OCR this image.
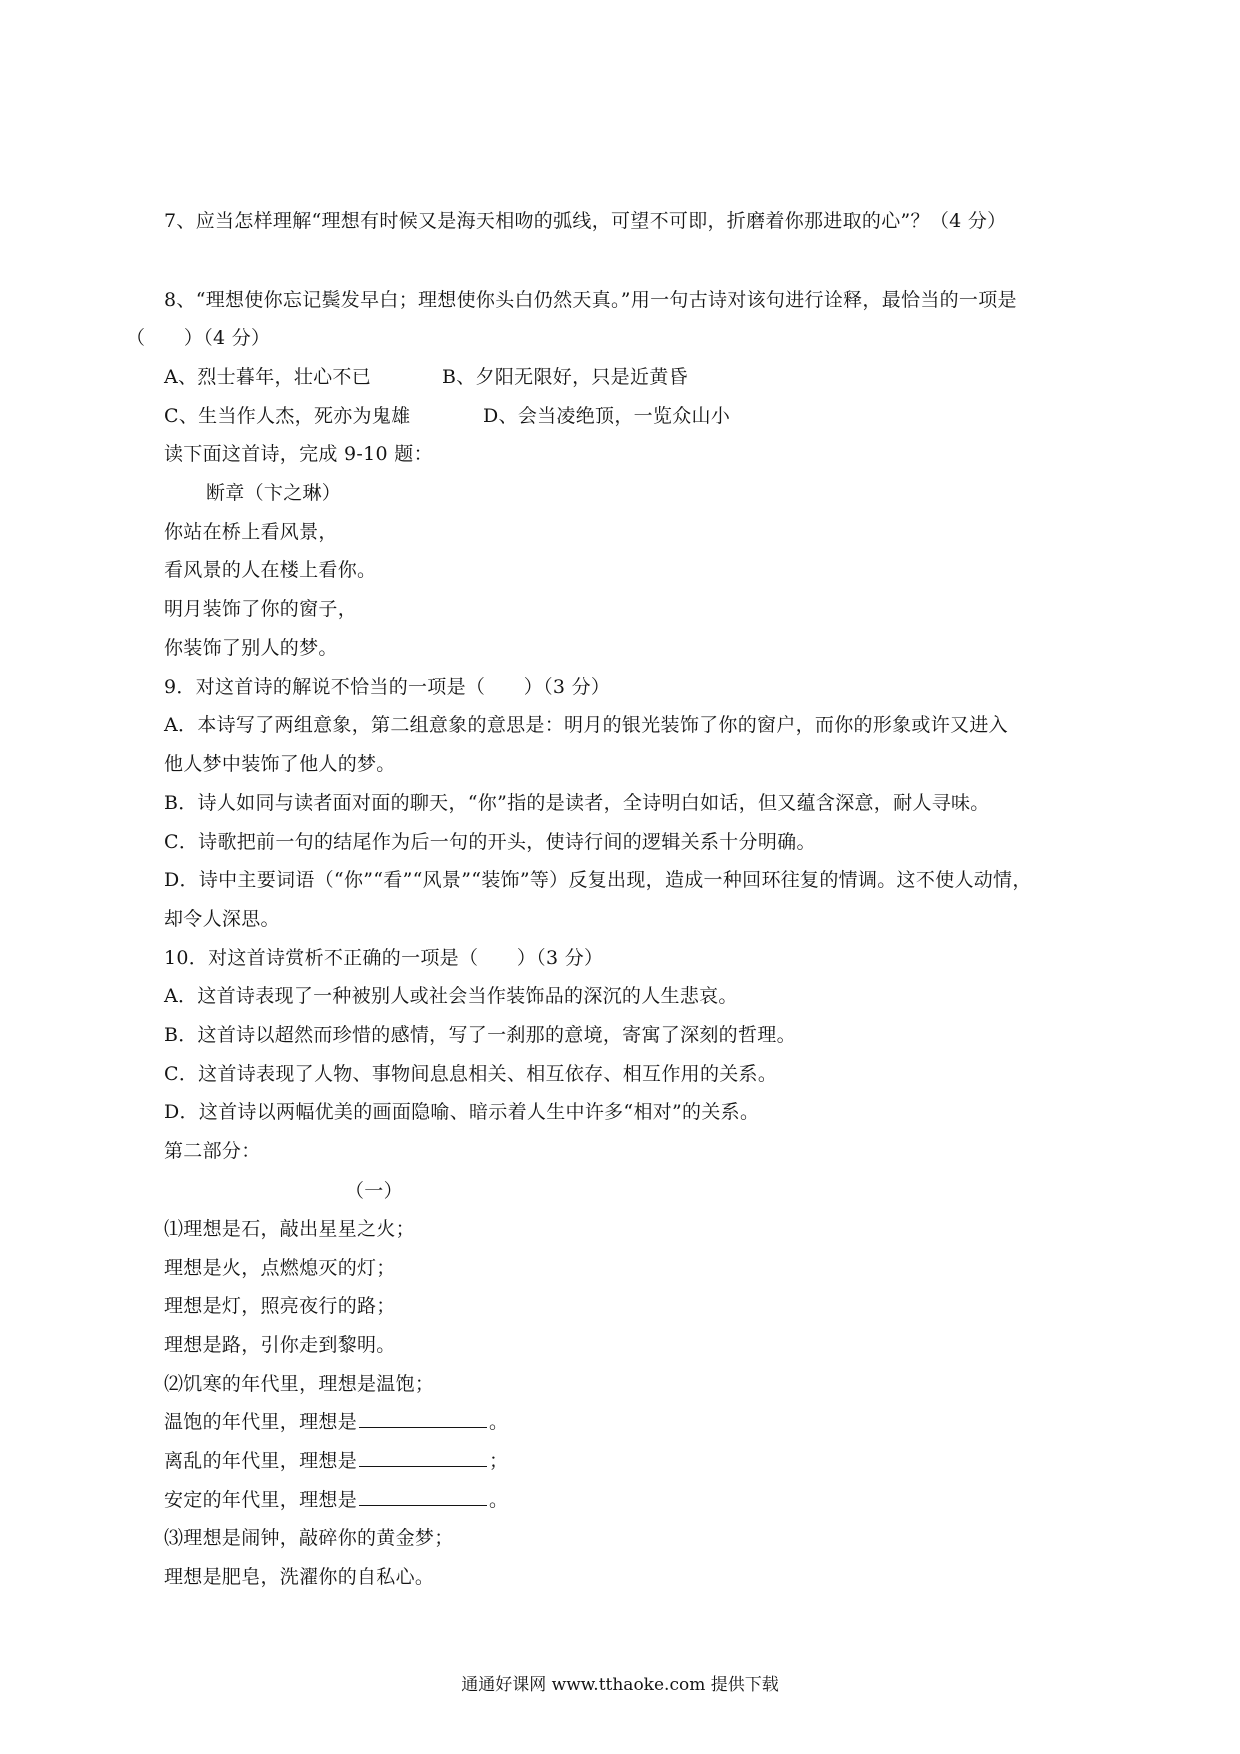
7、应当怎样理解“理想有时候又是海天相吻的弧线，可望不可即，折磨着你那进取的心”？（4 分）
8、“理想使你忘记鬓发早白；理想使你头白仍然天真。”用一句古诗对该句进行诠释，最恰当的一项是
（　　）（4 分）
A、烈士暮年，壮心不已	B、夕阳无限好，只是近黄昏
C、生当作人杰，死亦为鬼雄	D、会当凌绝顶，一览众山小
读下面这首诗，完成 9-10 题：
断章（卞之琳）
你站在桥上看风景，
看风景的人在楼上看你。
明月装饰了你的窗子，
你装饰了别人的梦。
9．对这首诗的解说不恰当的一项是（　　）（3 分）
A．本诗写了两组意象，第二组意象的意思是：明月的银光装饰了你的窗户，而你的形象或许又进入
他人梦中装饰了他人的梦。
B．诗人如同与读者面对面的聊天，“你”指的是读者，全诗明白如话，但又蕴含深意，耐人寻味。
C．诗歌把前一句的结尾作为后一句的开头，使诗行间的逻辑关系十分明确。
D．诗中主要词语（“你”“看”“风景”“装饰”等）反复出现，造成一种回环往复的情调。这不使人动情，
却令人深思。
10．对这首诗赏析不正确的一项是（　　）（3 分）
A．这首诗表现了一种被别人或社会当作装饰品的深沉的人生悲哀。
B．这首诗以超然而珍惜的感情，写了一刹那的意境，寄寓了深刻的哲理。
C．这首诗表现了人物、事物间息息相关、相互依存、相互作用的关系。
D．这首诗以两幅优美的画面隐喻、暗示着人生中许多“相对”的关系。
第二部分：
（一）
⑴理想是石，敲出星星之火；
理想是火，点燃熄灭的灯；
理想是灯，照亮夜行的路；
理想是路，引你走到黎明。
⑵饥寒的年代里，理想是温饱；
温饱的年代里，理想是	。
离乱的年代里，理想是	；
安定的年代里，理想是	。
⑶理想是闹钟，敲碎你的黄金梦；
理想是肥皂，洗濯你的自私心。
通通好课网 www.tthaoke.com 提供下载
